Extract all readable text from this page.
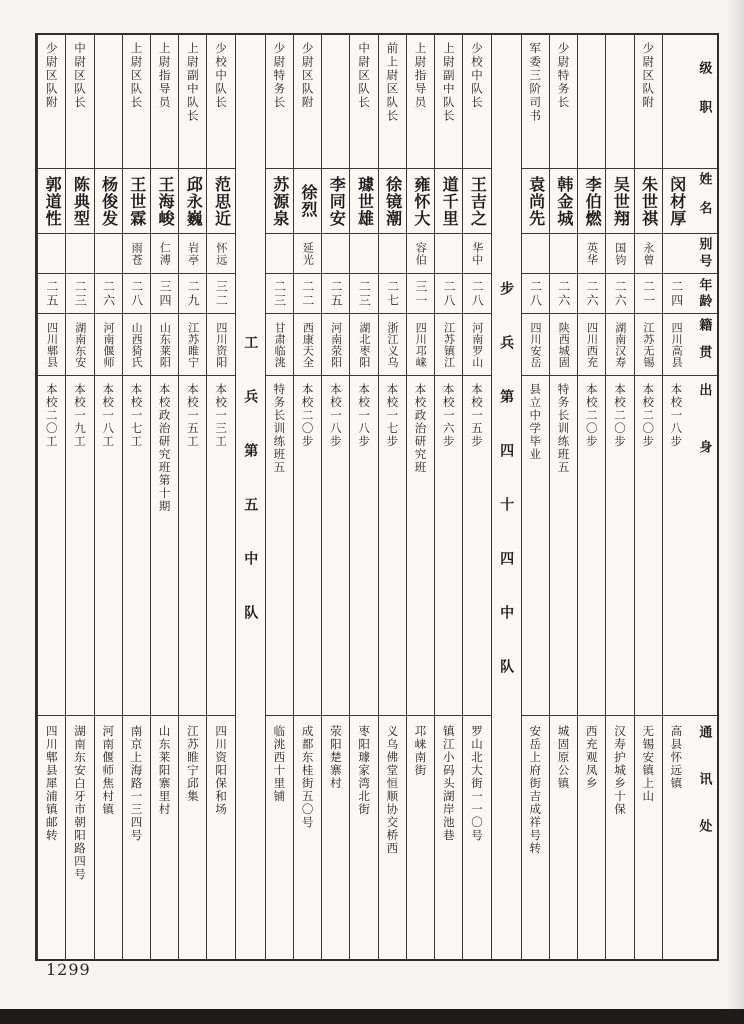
级职
姓名
别号
年龄
籍贯
出身
通讯处
闵材厚
二四
四川高县
本校一八步
高县怀远镇
少尉区队附
朱世祺
永曾
二一
江苏无锡
本校二〇步
无锡安镇上山
吴世翔
国钧
二六
湖南汉寿
本校二〇步
汉寿护城乡十保
李伯燃
英华
二六
四川西充
本校二〇步
西充观凤乡
少尉特务长
韩金城
二六
陕西城固
特务长训练班五
城固原公镇
军委三阶司书
袁尚先
二八
四川安岳
县立中学毕业
安岳上府街吉成祥号转
步兵第四十四中队
少校中队长
王吉之
华中
二八
河南罗山
本校一五步
罗山北大街一一〇号
上尉副中队长
道千里
二八
江苏镇江
本校一六步
镇江小码头湖岸池巷
上尉指导员
雍怀大
容伯
三一
四川邛崃
本校政治研究班
邛崃南街
前上尉区队长
徐镜潮
二七
浙江义乌
本校一七步
义乌佛堂恒顺协交桥西
中尉区队长
璩世雄
二三
湖北枣阳
本校一八步
枣阳璩家湾北街
李同安
二五
河南荥阳
本校一八步
荥阳楚寨村
少尉区队附
徐烈
延光
二二
西康天全
本校二〇步
成都东桂街五〇号
少尉特务长
苏源泉
二三
甘肃临洮
特务长训练班五
临洮西十里铺
工兵第五中队
少校中队长
范思近
怀远
三二
四川资阳
本校一三工
四川资阳保和场
上尉副中队长
邱永巍
岩亭
二九
江苏睢宁
本校一五工
江苏睢宁邱集
上尉指导员
王海峻
仁溥
三四
山东莱阳
本校政治研究班第十期
山东莱阳寨里村
上尉区队长
王世霖
雨苍
二八
山西猗氏
本校一七工
南京上海路一三四号
杨俊发
二六
河南偃师
本校一八工
河南偃师焦村镇
中尉区队长
陈典型
二三
湖南东安
本校一九工
湖南东安白牙市朝阳路四号
少尉区队附
郭道性
二五
四川郫县
本校二〇工
四川郫县犀浦镇邮转
1299
